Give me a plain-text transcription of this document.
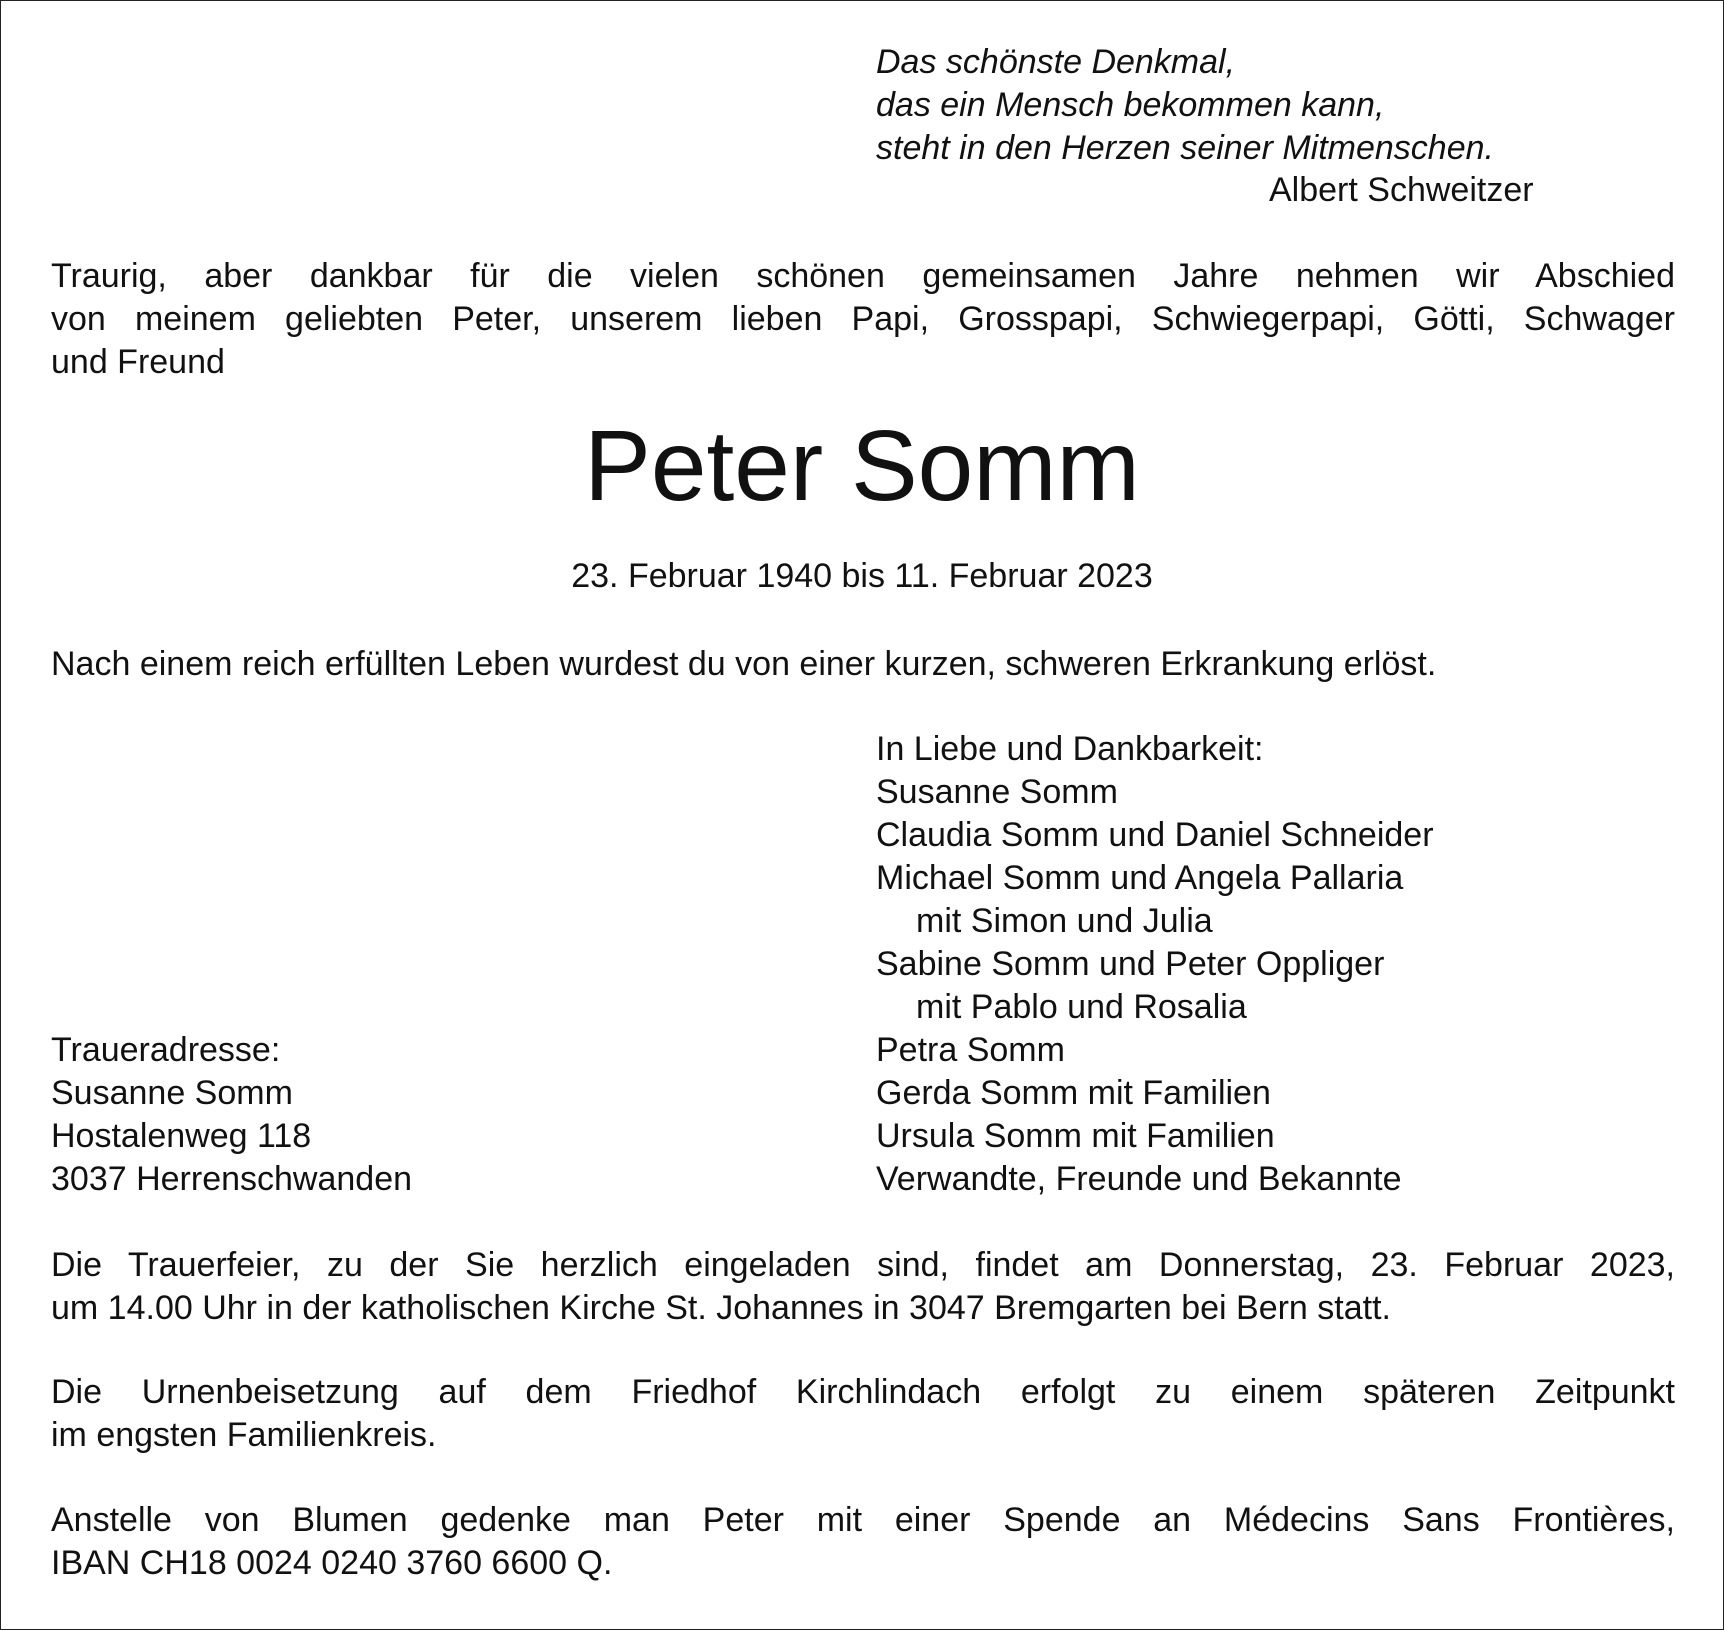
Das schönste Denkmal,
das ein Mensch bekommen kann,
steht in den Herzen seiner Mitmenschen.
Albert Schweitzer
Traurig, aber dankbar für die vielen schönen gemeinsamen Jahre nehmen wir Abschied
von meinem geliebten Peter, unserem lieben Papi, Grosspapi, Schwiegerpapi, Götti, Schwager
und Freund
Peter Somm
23. Februar 1940 bis 11. Februar 2023
Nach einem reich erfüllten Leben wurdest du von einer kurzen, schweren Erkrankung erlöst.
In Liebe und Dankbarkeit:
Susanne Somm
Claudia Somm und Daniel Schneider
Michael Somm und Angela Pallaria
mit Simon und Julia
Sabine Somm und Peter Oppliger
mit Pablo und Rosalia
Petra Somm
Gerda Somm mit Familien
Ursula Somm mit Familien
Verwandte, Freunde und Bekannte
Traueradresse:
Susanne Somm
Hostalenweg 118
3037 Herrenschwanden
Die Trauerfeier, zu der Sie herzlich eingeladen sind, findet am Donnerstag, 23. Februar 2023,
um 14.00 Uhr in der katholischen Kirche St. Johannes in 3047 Bremgarten bei Bern statt.
Die Urnenbeisetzung auf dem Friedhof Kirchlindach erfolgt zu einem späteren Zeitpunkt
im engsten Familienkreis.
Anstelle von Blumen gedenke man Peter mit einer Spende an Médecins Sans Frontières,
IBAN CH18 0024 0240 3760 6600 Q.
